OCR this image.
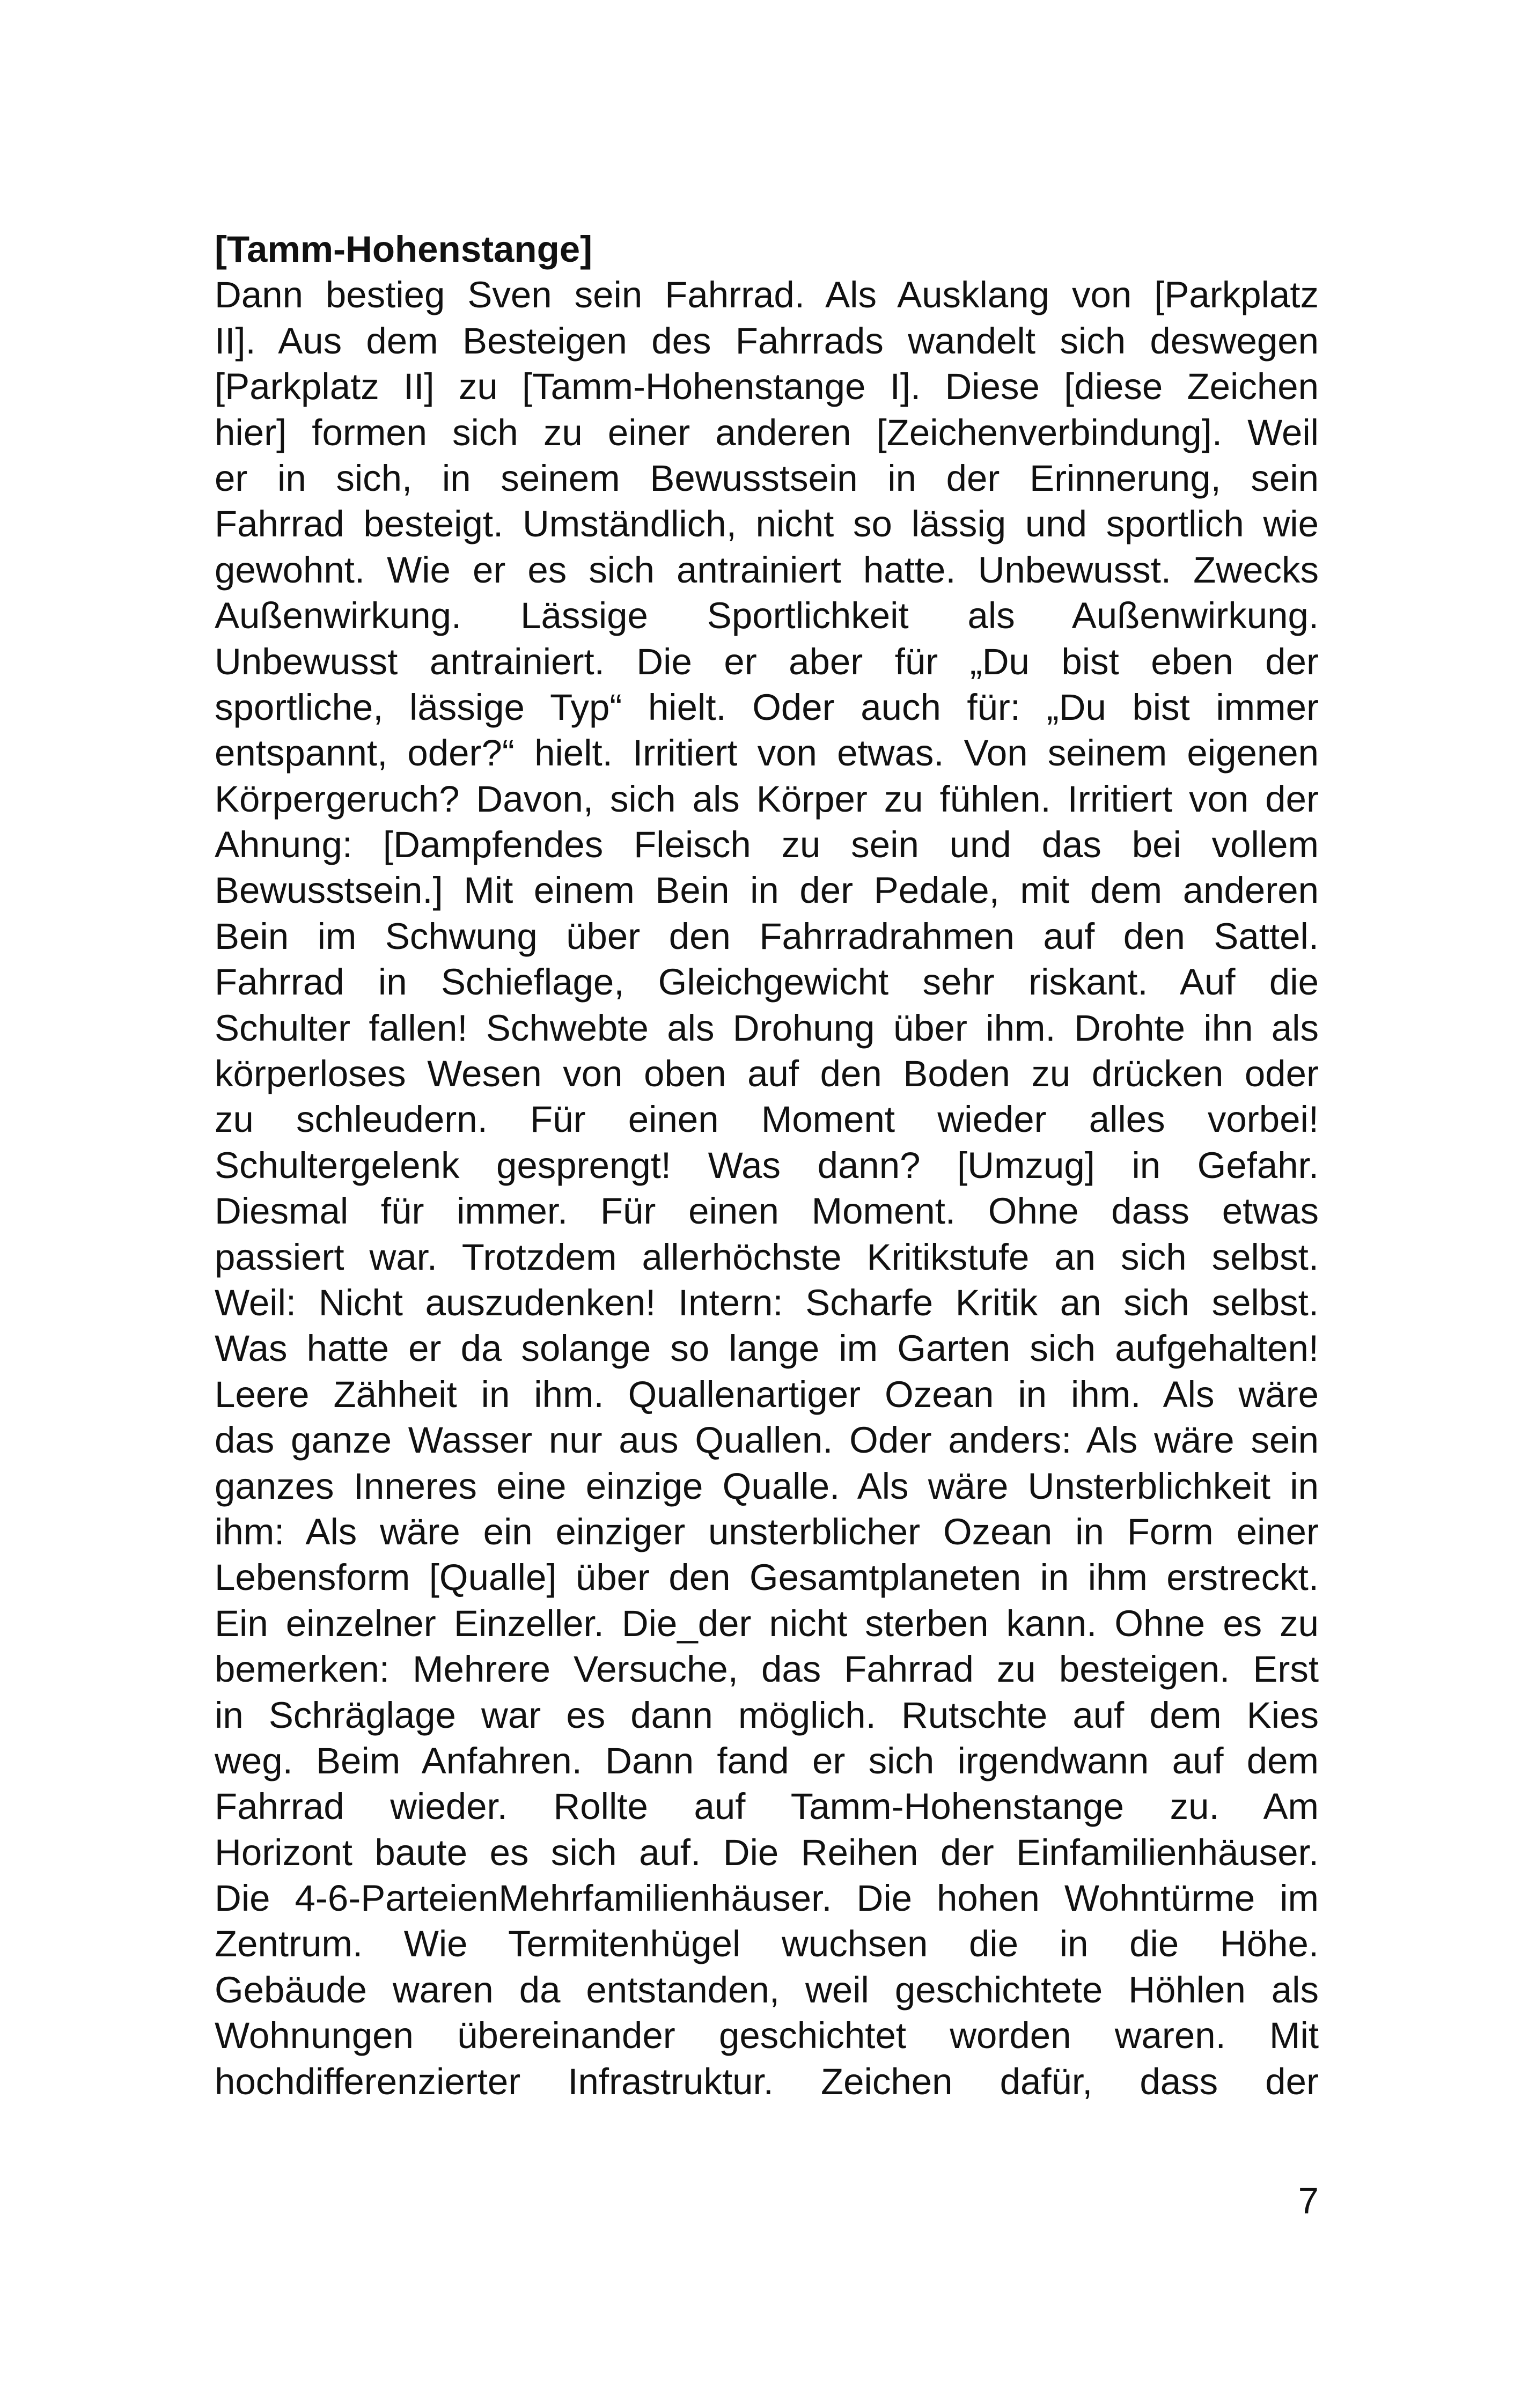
[Tamm-Hohenstange]

Dann bestieg Sven sein Fahrrad. Als Ausklang von [Parkplatz

II]. Aus dem Besteigen des Fahrrads wandelt sich deswegen

[Parkplatz II] zu [Tamm-Hohenstange I]. Diese [diese Zeichen

hier] formen sich zu einer anderen [Zeichenverbindung]. Weil

er in sich, in seinem Bewusstsein in der Erinnerung, sein

Fahrrad besteigt. Umständlich, nicht so lässig und sportlich wie

gewohnt. Wie er es sich antrainiert hatte. Unbewusst. Zwecks

Außenwirkung. Lässige Sportlichkeit als Außenwirkung.

Unbewusst antrainiert. Die er aber für „Du bist eben der

sportliche, lässige Typ“ hielt. Oder auch für: „Du bist immer

entspannt, oder?“ hielt. Irritiert von etwas. Von seinem eigenen

Körpergeruch? Davon, sich als Körper zu fühlen. Irritiert von der

Ahnung: [Dampfendes Fleisch zu sein und das bei vollem

Bewusstsein.] Mit einem Bein in der Pedale, mit dem anderen

Bein im Schwung über den Fahrradrahmen auf den Sattel.

Fahrrad in Schieflage, Gleichgewicht sehr riskant. Auf die

Schulter fallen! Schwebte als Drohung über ihm. Drohte ihn als

körperloses Wesen von oben auf den Boden zu drücken oder

zu schleudern. Für einen Moment wieder alles vorbei!

Schultergelenk gesprengt! Was dann? [Umzug] in Gefahr.

Diesmal für immer. Für einen Moment. Ohne dass etwas

passiert war. Trotzdem allerhöchste Kritikstufe an sich selbst.

Weil: Nicht auszudenken! Intern: Scharfe Kritik an sich selbst.

Was hatte er da solange so lange im Garten sich aufgehalten!

Leere Zähheit in ihm. Quallenartiger Ozean in ihm. Als wäre

das ganze Wasser nur aus Quallen. Oder anders: Als wäre sein

ganzes Inneres eine einzige Qualle. Als wäre Unsterblichkeit in

ihm: Als wäre ein einziger unsterblicher Ozean in Form einer

Lebensform [Qualle] über den Gesamtplaneten in ihm erstreckt.

Ein einzelner Einzeller. Die_der nicht sterben kann. Ohne es zu

bemerken: Mehrere Versuche, das Fahrrad zu besteigen. Erst

in Schräglage war es dann möglich. Rutschte auf dem Kies

weg. Beim Anfahren. Dann fand er sich irgendwann auf dem

Fahrrad wieder. Rollte auf Tamm-Hohenstange zu. Am

Horizont baute es sich auf. Die Reihen der Einfamilienhäuser.

Die 4-6-ParteienMehrfamilienhäuser. Die hohen Wohntürme im

Zentrum. Wie Termitenhügel wuchsen die in die Höhe.

Gebäude waren da entstanden, weil geschichtete Höhlen als

Wohnungen übereinander geschichtet worden waren. Mit

hochdifferenzierter Infrastruktur. Zeichen dafür, dass der

7
